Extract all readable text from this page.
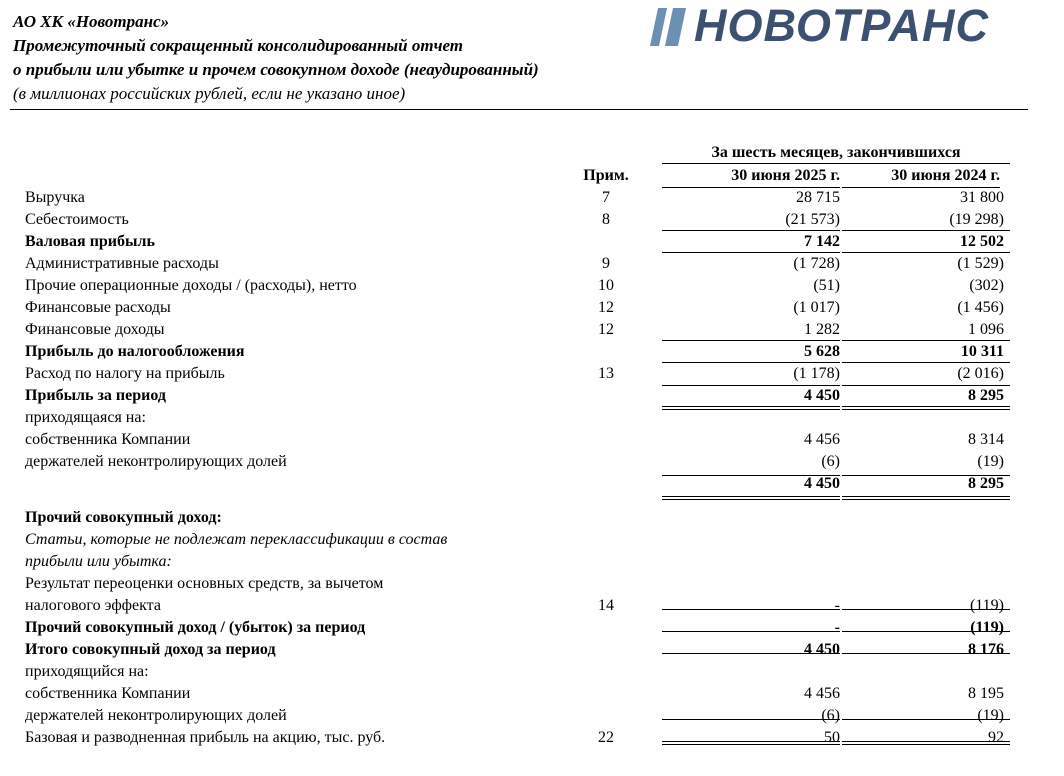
АО ХК «Новотранс»
Промежуточный сокращенный консолидированный отчет
о прибыли или убытке и прочем совокупном доходе (неаудированный)
(в миллионах российских рублей, если не указано иное)
НОВОТРАНС
За шесть месяцев, закончившихся
Прим.	30 июня 2025 г.	30 июня 2024 г.
Выручка	7	28 715	31 800
Себестоимость	8	(21 573)	(19 298)
Валовая прибыль	7 142	12 502
Административные расходы	9	(1 728)	(1 529)
Прочие операционные доходы / (расходы), нетто	10	(51)	(302)
Финансовые расходы	12	(1 017)	(1 456)
Финансовые доходы	12	1 282	1 096
Прибыль до налогообложения	5 628	10 311
Расход по налогу на прибыль	13	(1 178)	(2 016)
Прибыль за период	4 450	8 295
приходящаяся на:
собственника Компании	4 456	8 314
держателей неконтролирующих долей	(6)	(19)
4 450	8 295
Прочий совокупный доход:
Статьи, которые не подлежат переклассификации в состав
прибыли или убытка:
Результат переоценки основных средств, за вычетом
налогового эффекта	14	-	(119)
Прочий совокупный доход / (убыток) за период	-	(119)
Итого совокупный доход за период	4 450	8 176
приходящийся на:
собственника Компании	4 456	8 195
держателей неконтролирующих долей	(6)	(19)
Базовая и разводненная прибыль на акцию, тыс. руб.	22	50	92
